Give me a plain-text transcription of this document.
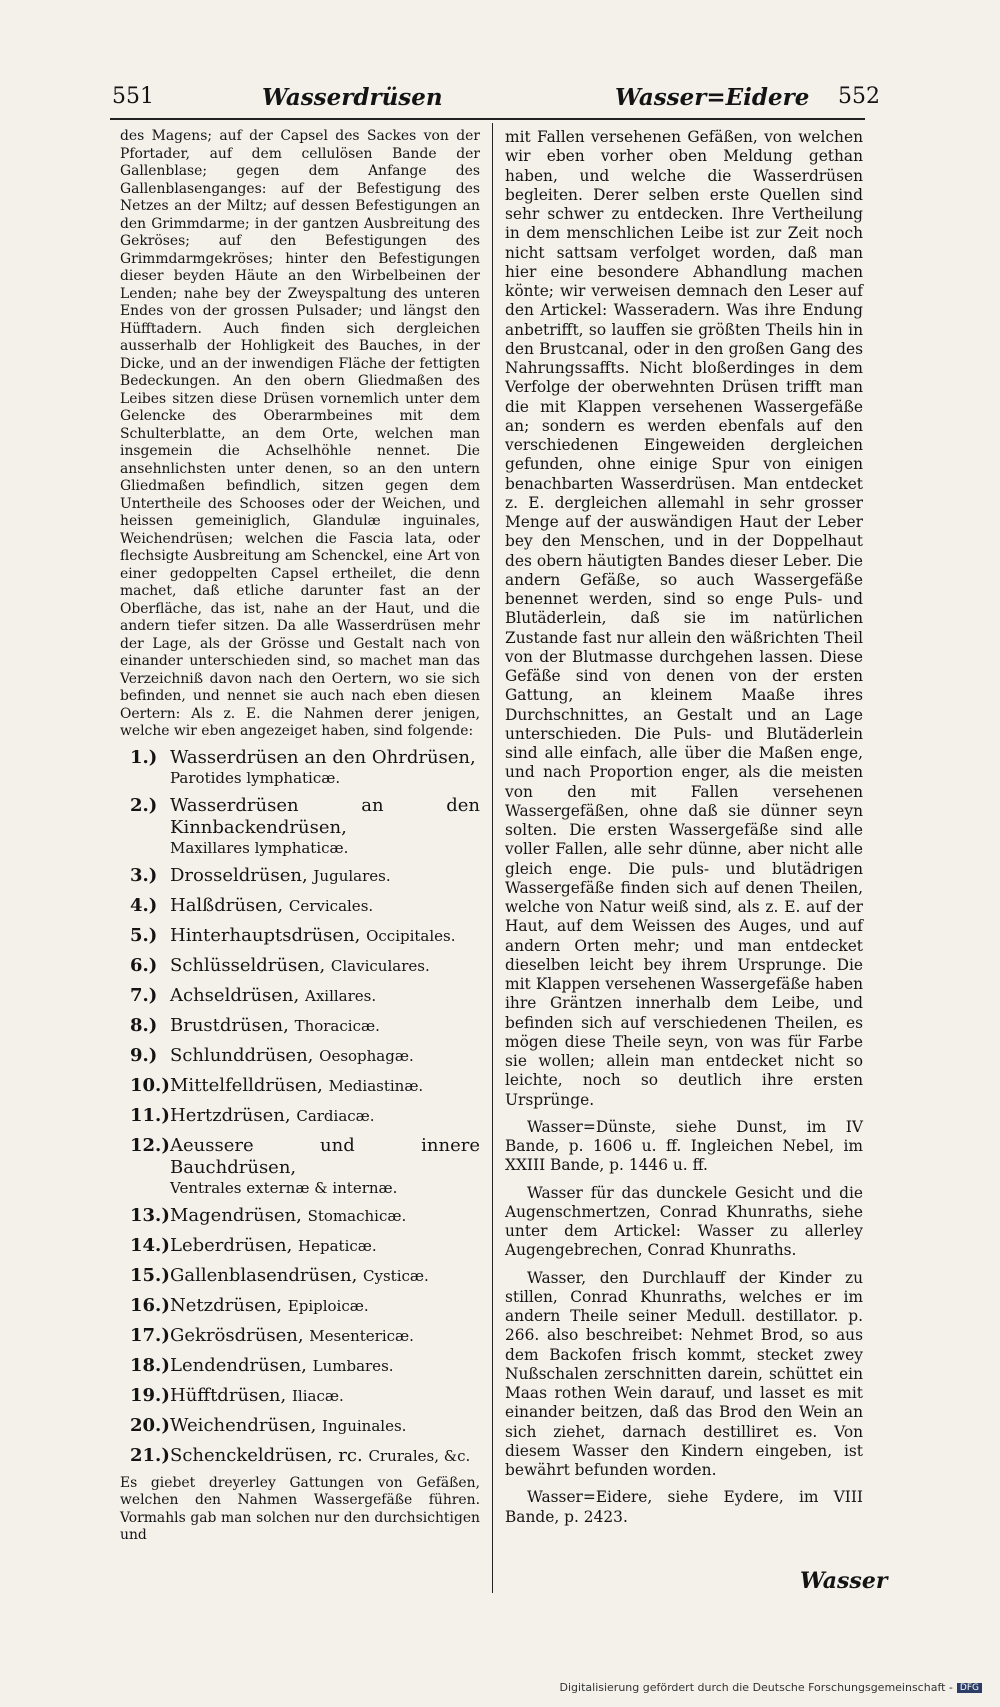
551	Wasserdrüsen	Wasser=Eidere 552

des Magens; auf der Capsel des Sackes von der Pfortader, auf dem cellulösen Bande der Gallenblase; gegen dem Anfange des Gallenblasenganges: auf der Befestigung des Netzes an der Miltz; auf dessen Befestigungen an den Grimmdarme; in der gantzen Ausbreitung des Gekröses; auf den Befestigungen des Grimmdarmgekröses; hinter den Befestigungen dieser beyden Häute an den Wirbelbeinen der Lenden; nahe bey der Zweyspaltung des unteren Endes von der grossen Pulsader; und längst den Hüfftadern. Auch finden sich dergleichen ausserhalb der Hohligkeit des Bauches, in der Dicke, und an der inwendigen Fläche der fettigten Bedeckungen. An den obern Gliedmaßen des Leibes sitzen diese Drüsen vornemlich unter dem Gelencke des Oberarmbeines mit dem Schulterblatte, an dem Orte, welchen man insgemein die Achselhöhle nennet. Die ansehnlichsten unter denen, so an den untern Gliedmaßen befindlich, sitzen gegen dem Untertheile des Schooses oder der Weichen, und heissen gemeiniglich, Glandulæ inguinales, Weichendrüsen; welchen die Fascia lata, oder flechsigte Ausbreitung am Schenckel, eine Art von einer gedoppelten Capsel ertheilet, die denn machet, daß etliche darunter fast an der Oberfläche, das ist, nahe an der Haut, und die andern tiefer sitzen. Da alle Wasserdrüsen mehr der Lage, als der Grösse und Gestalt nach von einander unterschieden sind, so machet man das Verzeichniß davon nach den Oertern, wo sie sich befinden, und nennet sie auch nach eben diesen Oertern: Als z. E. die Nahmen derer jenigen, welche wir eben angezeiget haben, sind folgende:

1.) Wasserdrüsen an den Ohrdrüsen,
Parotides lymphaticæ.
2.) Wasserdrüsen an den Kinnbackendrüsen,
Maxillares lymphaticæ.
3.) Drosseldrüsen, Jugulares.
4.) Halßdrüsen, Cervicales.
5.) Hinterhauptsdrüsen, Occipitales.
6.) Schlüsseldrüsen, Claviculares.
7.) Achseldrüsen, Axillares.
8.) Brustdrüsen, Thoracicæ.
9.) Schlunddrüsen, Oesophagæ.
10.) Mittelfelldrüsen, Mediastinæ.
11.) Hertzdrüsen, Cardiacæ.
12.) Aeussere und innere Bauchdrüsen,
Ventrales externæ & internæ.
13.) Magendrüsen, Stomachicæ.
14.) Leberdrüsen, Hepaticæ.
15.) Gallenblasendrüsen, Cysticæ.
16.) Netzdrüsen, Epiploicæ.
17.) Gekrösdrüsen, Mesentericæ.
18.) Lendendrüsen, Lumbares.
19.) Hüfftdrüsen, Iliacæ.
20.) Weichendrüsen, Inguinales.
21.) Schenckeldrüsen, rc. Crurales, &c.

Es giebet dreyerley Gattungen von Gefäßen, welchen den Nahmen Wassergefäße führen. Vormahls gab man solchen nur den durchsichtigen und

mit Fallen versehenen Gefäßen, von welchen wir eben vorher oben Meldung gethan haben, und welche die Wasserdrüsen begleiten. Derer selben erste Quellen sind sehr schwer zu entdecken. Ihre Vertheilung in dem menschlichen Leibe ist zur Zeit noch nicht sattsam verfolget worden, daß man hier eine besondere Abhandlung machen könte; wir verweisen demnach den Leser auf den Artickel: Wasseradern. Was ihre Endung anbetrifft, so lauffen sie größten Theils hin in den Brustcanal, oder in den großen Gang des Nahrungssaffts. Nicht bloßerdinges in dem Verfolge der oberwehnten Drüsen trifft man die mit Klappen versehenen Wassergefäße an; sondern es werden ebenfals auf den verschiedenen Eingeweiden dergleichen gefunden, ohne einige Spur von einigen benachbarten Wasserdrüsen. Man entdecket z. E. dergleichen allemahl in sehr grosser Menge auf der auswändigen Haut der Leber bey den Menschen, und in der Doppelhaut des obern häutigten Bandes dieser Leber. Die andern Gefäße, so auch Wassergefäße benennet werden, sind so enge Puls- und Blutäderlein, daß sie im natürlichen Zustande fast nur allein den wäßrichten Theil von der Blutmasse durchgehen lassen. Diese Gefäße sind von denen von der ersten Gattung, an kleinem Maaße ihres Durchschnittes, an Gestalt und an Lage unterschieden. Die Puls- und Blutäderlein sind alle einfach, alle über die Maßen enge, und nach Proportion enger, als die meisten von den mit Fallen versehenen Wassergefäßen, ohne daß sie dünner seyn solten. Die ersten Wassergefäße sind alle voller Fallen, alle sehr dünne, aber nicht alle gleich enge. Die puls- und blutädrigen Wassergefäße finden sich auf denen Theilen, welche von Natur weiß sind, als z. E. auf der Haut, auf dem Weissen des Auges, und auf andern Orten mehr; und man entdecket dieselben leicht bey ihrem Ursprunge. Die mit Klappen versehenen Wassergefäße haben ihre Gräntzen innerhalb dem Leibe, und befinden sich auf verschiedenen Theilen, es mögen diese Theile seyn, von was für Farbe sie wollen; allein man entdecket nicht so leichte, noch so deutlich ihre ersten Ursprünge.

Wasser=Dünste, siehe Dunst, im IV Bande, p. 1606 u. ff. Ingleichen Nebel, im XXIII Bande, p. 1446 u. ff.

Wasser für das dunckele Gesicht und die Augenschmertzen, Conrad Khunraths, siehe unter dem Artickel: Wasser zu allerley Augengebrechen, Conrad Khunraths.

Wasser, den Durchlauff der Kinder zu stillen, Conrad Khunraths, welches er im andern Theile seiner Medull. destillator. p. 266. also beschreibet: Nehmet Brod, so aus dem Backofen frisch kommt, stecket zwey Nußschalen zerschnitten darein, schüttet ein Maas rothen Wein darauf, und lasset es mit einander beitzen, daß das Brod den Wein an sich ziehet, darnach destilliret es. Von diesem Wasser den Kindern eingeben, ist bewährt befunden worden.

Wasser=Eidere, siehe Eydere, im VIII Bande, p. 2423.

Wasser
Digitalisierung gefördert durch die Deutsche Forschungsgemeinschaft - DFG
